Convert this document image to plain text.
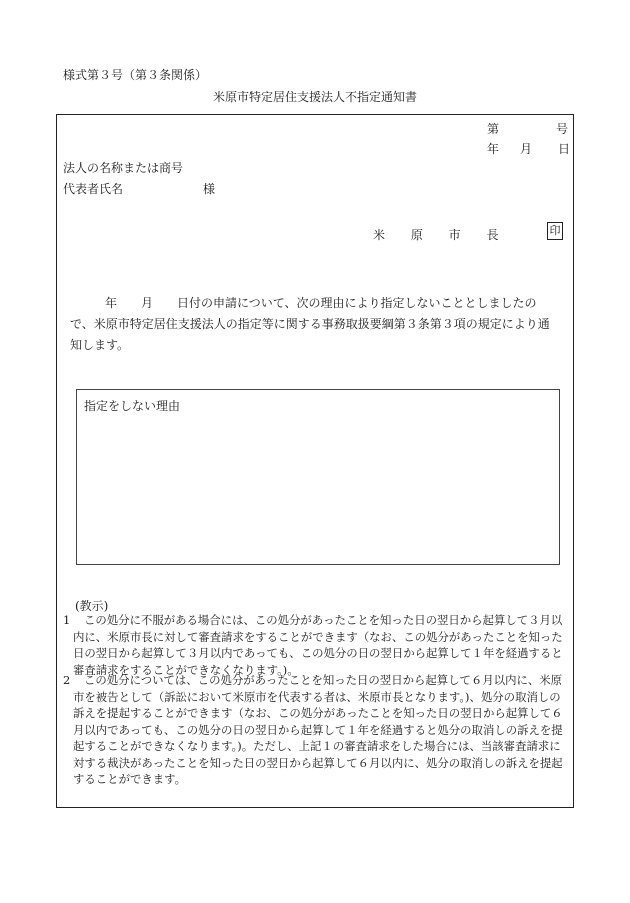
様式第３号（第３条関係）
米原市特定居住支援法人不指定通知書
第	号
年 月 日
法人の名称または商号
代表者氏名	様
米 原 市 長	印
年　　月　　日付の申請について、次の理由により指定しないこととしましたので、米原市特定居住支援法人の指定等に関する事務取扱要綱第３条第３項の規定により通知します。
指定をしない理由
(教示)
1	この処分に不服がある場合には、この処分があったことを知った日の翌日から起算して３月以内に、米原市長に対して審査請求をすることができます（なお、この処分があったことを知った日の翌日から起算して３月以内であっても、この処分の日の翌日から起算して１年を経過すると審査請求をすることができなくなります。)。
2	この処分については、この処分があったことを知った日の翌日から起算して６月以内に、米原市を被告として（訴訟において米原市を代表する者は、米原市長となります。)、処分の取消しの訴えを提起することができます（なお、この処分があったことを知った日の翌日から起算して６月以内であっても、この処分の日の翌日から起算して１年を経過すると処分の取消しの訴えを提起することができなくなります。)。ただし、上記１の審査請求をした場合には、当該審査請求に対する裁決があったことを知った日の翌日から起算して６月以内に、処分の取消しの訴えを提起することができます。
